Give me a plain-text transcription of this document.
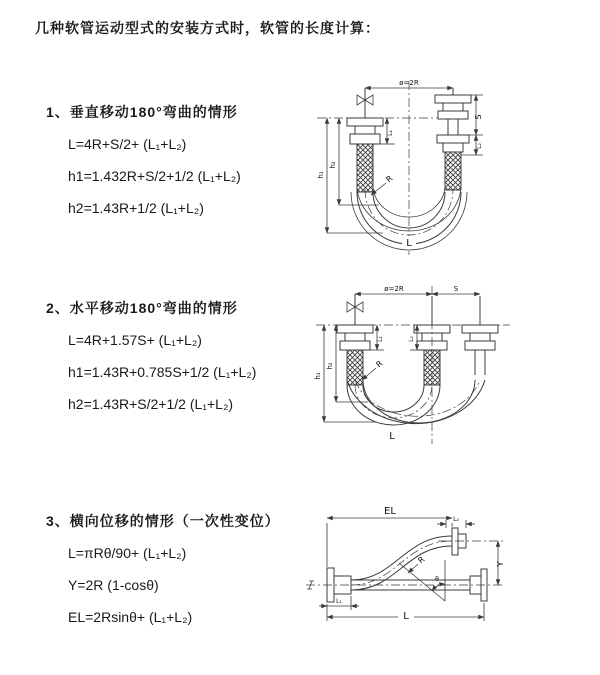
几种软管运动型式的安装方式时，软管的长度计算：
1、垂直移动180°弯曲的情形
L=4R+S/2+ (L₁+L₂)
h1=1.432R+S/2+1/2 (L₁+L₂)
h2=1.43R+1/2 (L₁+L₂)
2、水平移动180°弯曲的情形
L=4R+1.57S+ (L₁+L₂)
h1=1.43R+0.785S+1/2 (L₁+L₂)
h2=1.43R+S/2+1/2 (L₁+L₂)
3、横向位移的情形（一次性变位）
L=πRθ/90+ (L₁+L₂)
Y=2R (1-cosθ)
EL=2Rsinθ+ (L₁+L₂)
ø=2R
L₁
S
L₂
h₁
h₂
R
L
ø=2R	S
L₁	L₂
h₁
h₂	R
L
EL
L₂
Y
R
θ
L
L₁
